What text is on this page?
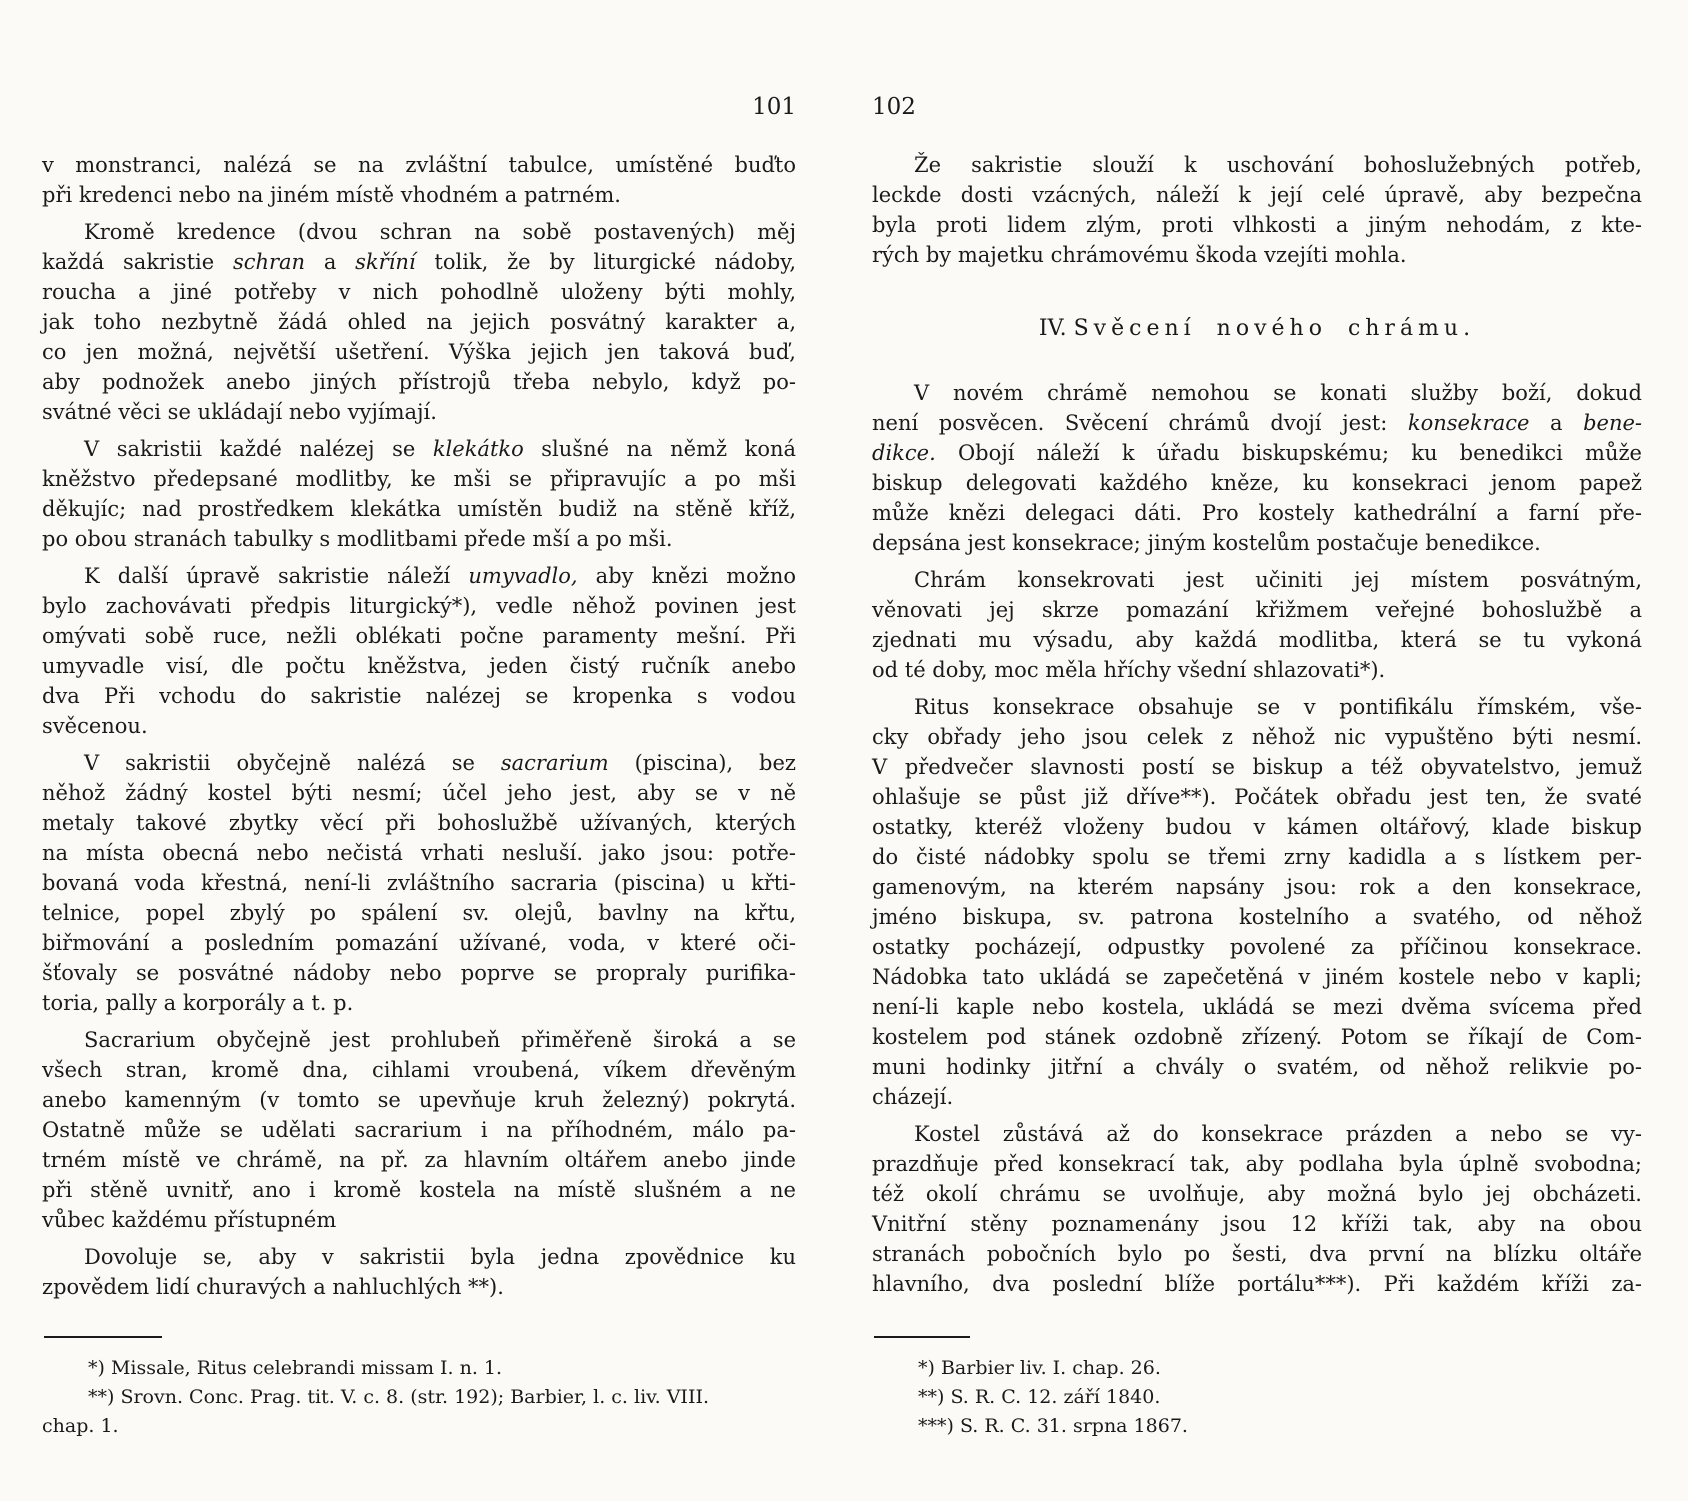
101
v monstranci, nalézá se na zvláštní tabulce, umístěné buďto
při kredenci nebo na jiném místě vhodném a patrném.
Kromě kredence (dvou schran na sobě postavených) měj
každá sakristie schran a skříní tolik, že by liturgické nádoby,
roucha a jiné potřeby v nich pohodlně uloženy býti mohly,
jak toho nezbytně žádá ohled na jejich posvátný karakter a,
co jen možná, největší ušetření. Výška jejich jen taková buď,
aby podnožek anebo jiných přístrojů třeba nebylo, když po-
svátné věci se ukládají nebo vyjímají.
V sakristii každé nalézej se klekátko slušné na němž koná
kněžstvo předepsané modlitby, ke mši se připravujíc a po mši
děkujíc; nad prostředkem klekátka umístěn budiž na stěně kříž,
po obou stranách tabulky s modlitbami přede mší a po mši.
K další úpravě sakristie náleží umyvadlo, aby knězi možno
bylo zachovávati předpis liturgický*), vedle něhož povinen jest
omývati sobě ruce, nežli oblékati počne paramenty mešní. Při
umyvadle visí, dle počtu kněžstva, jeden čistý ručník anebo
dva Při vchodu do sakristie nalézej se kropenka s vodou
svěcenou.
V sakristii obyčejně nalézá se sacrarium (piscina), bez
něhož žádný kostel býti nesmí; účel jeho jest, aby se v ně
metaly takové zbytky věcí při bohoslužbě užívaných, kterých
na místa obecná nebo nečistá vrhati nesluší. jako jsou: potře-
bovaná voda křestná, není-li zvláštního sacraria (piscina) u křti-
telnice, popel zbylý po spálení sv. olejů, bavlny na křtu,
biřmování a posledním pomazání užívané, voda, v které oči-
šťovaly se posvátné nádoby nebo poprve se propraly purifika-
toria, pally a korporály a t. p.
Sacrarium obyčejně jest prohlubeň přiměřeně široká a se
všech stran, kromě dna, cihlami vroubená, víkem dřevěným
anebo kamenným (v tomto se upevňuje kruh železný) pokrytá.
Ostatně může se udělati sacrarium i na příhodném, málo pa-
trném místě ve chrámě, na př. za hlavním oltářem anebo jinde
při stěně uvnitř, ano i kromě kostela na místě slušném a ne
vůbec každému přístupném
Dovoluje se, aby v sakristii byla jedna zpovědnice ku
zpovědem lidí churavých a nahluchlých **).
*) Missale, Ritus celebrandi missam I. n. 1.
**) Srovn. Conc. Prag. tit. V. c. 8. (str. 192); Barbier, l. c. liv. VIII.
chap. 1.
102
Že sakristie slouží k uschování bohoslužebných potřeb,
leckde dosti vzácných, náleží k její celé úpravě, aby bezpečna
byla proti lidem zlým, proti vlhkosti a jiným nehodám, z kte-
rých by majetku chrámovému škoda vzejíti mohla.
IV. Svěcení nového chrámu.
V novém chrámě nemohou se konati služby boží, dokud
není posvěcen. Svěcení chrámů dvojí jest: konsekrace a bene-
dikce. Obojí náleží k úřadu biskupskému; ku benedikci může
biskup delegovati každého kněze, ku konsekraci jenom papež
může knězi delegaci dáti. Pro kostely kathedrální a farní pře-
depsána jest konsekrace; jiným kostelům postačuje benedikce.
Chrám konsekrovati jest učiniti jej místem posvátným,
věnovati jej skrze pomazání křižmem veřejné bohoslužbě a
zjednati mu výsadu, aby každá modlitba, která se tu vykoná
od té doby, moc měla hříchy všední shlazovati*).
Ritus konsekrace obsahuje se v pontifikálu římském, vše-
cky obřady jeho jsou celek z něhož nic vypuštěno býti nesmí.
V předvečer slavnosti postí se biskup a též obyvatelstvo, jemuž
ohlašuje se půst již dříve**). Počátek obřadu jest ten, že svaté
ostatky, kteréž vloženy budou v kámen oltářový, klade biskup
do čisté nádobky spolu se třemi zrny kadidla a s lístkem per-
gamenovým, na kterém napsány jsou: rok a den konsekrace,
jméno biskupa, sv. patrona kostelního a svatého, od něhož
ostatky pocházejí, odpustky povolené za příčinou konsekrace.
Nádobka tato ukládá se zapečetěná v jiném kostele nebo v kapli;
není-li kaple nebo kostela, ukládá se mezi dvěma svícema před
kostelem pod stánek ozdobně zřízený. Potom se říkají de Com-
muni hodinky jitřní a chvály o svatém, od něhož relikvie po-
cházejí.
Kostel zůstává až do konsekrace prázden a nebo se vy-
prazdňuje před konsekrací tak, aby podlaha byla úplně svobodna;
též okolí chrámu se uvolňuje, aby možná bylo jej obcházeti.
Vnitřní stěny poznamenány jsou 12 kříži tak, aby na obou
stranách pobočních bylo po šesti, dva první na blízku oltáře
hlavního, dva poslední blíže portálu***). Při každém kříži za-
*) Barbier liv. I. chap. 26.
**) S. R. C. 12. září 1840.
***) S. R. C. 31. srpna 1867.
